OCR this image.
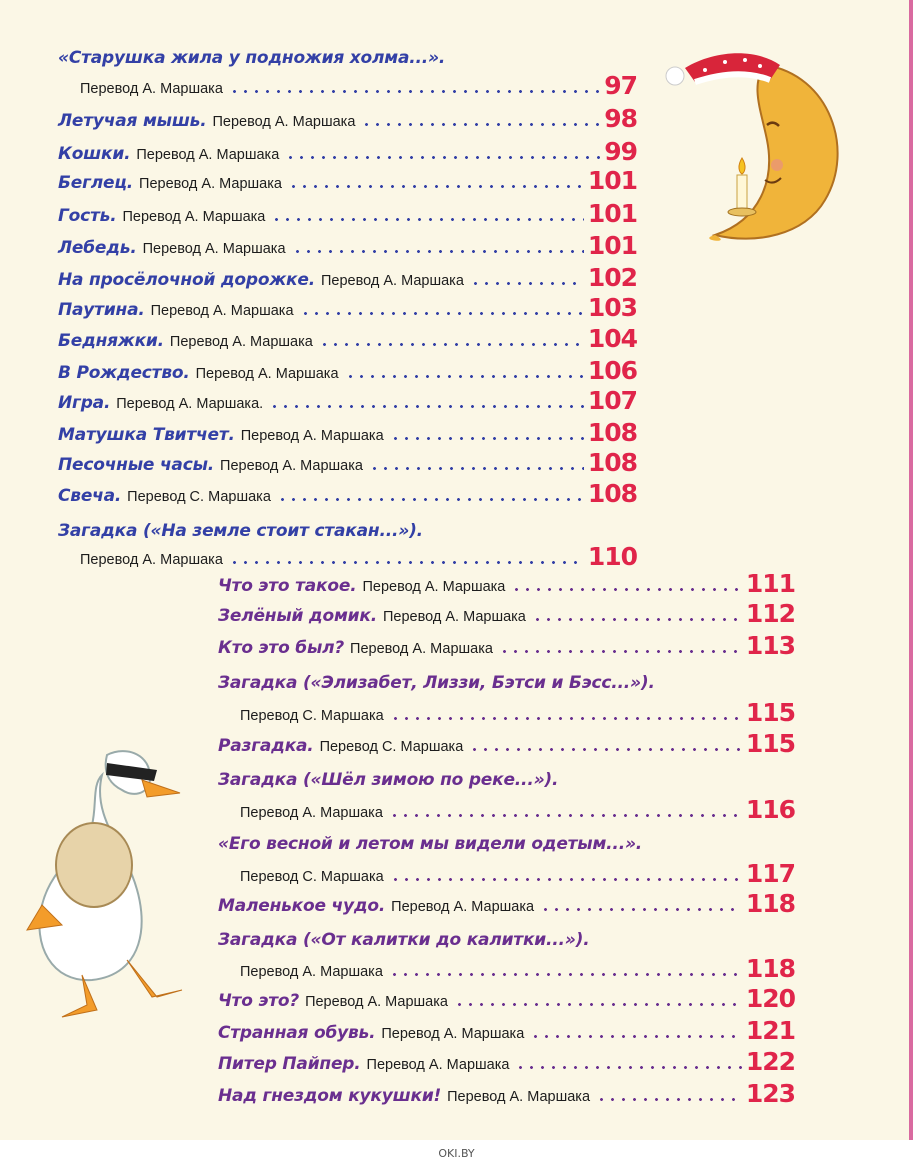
«Старушка жила у подножия холма...».
Перевод А. Маршака	97
Летучая мышь. Перевод А. Маршака	98
Кошки. Перевод А. Маршака	99
Беглец. Перевод А. Маршака	101
Гость. Перевод А. Маршака	101
Лебедь. Перевод А. Маршака	101
На просёлочной дорожке. Перевод А. Маршака	102
Паутина. Перевод А. Маршака	103
Бедняжки. Перевод А. Маршака	104
В Рождество. Перевод А. Маршака	106
Игра. Перевод А. Маршака.	107
Матушка Твитчет. Перевод А. Маршака	108
Песочные часы. Перевод А. Маршака	108
Свеча. Перевод С. Маршака	108
Загадка («На земле стоит стакан...»).
Перевод А. Маршака	110
Что это такое. Перевод А. Маршака	111
Зелёный домик. Перевод А. Маршака	112
Кто это был? Перевод А. Маршака	113
Загадка («Элизабет, Лиззи, Бэтси и Бэсс...»).
Перевод С. Маршака	115
Разгадка. Перевод С. Маршака	115
Загадка («Шёл зимою по реке...»).
Перевод А. Маршака	116
«Его весной и летом мы видели одетым...».
Перевод С. Маршака	117
Маленькое чудо. Перевод А. Маршака	118
Загадка («От калитки до калитки...»).
Перевод А. Маршака	118
Что это? Перевод А. Маршака	120
Странная обувь. Перевод А. Маршака	121
Питер Пайпер. Перевод А. Маршака	122
Над гнездом кукушки! Перевод А. Маршака	123
OKI.BY
